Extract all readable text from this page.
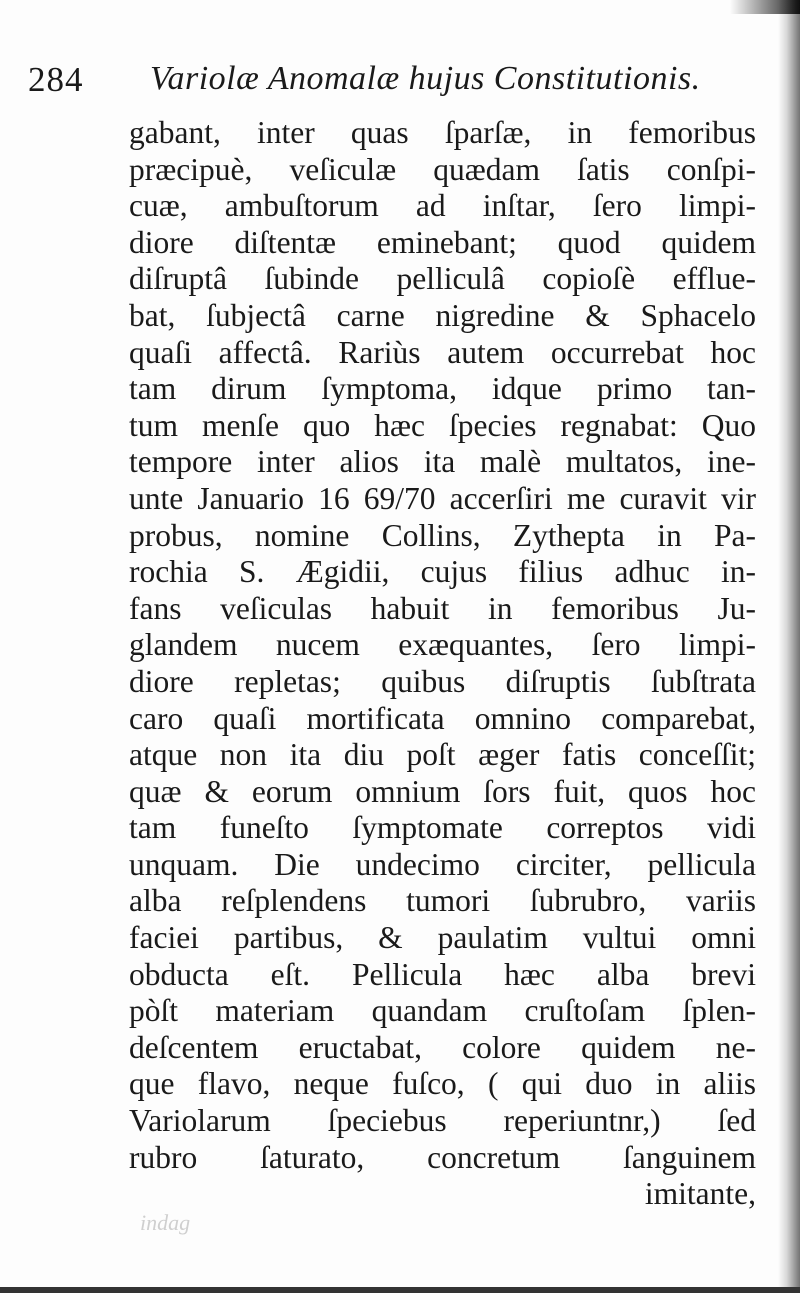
284 Variolæ Anomalæ hujus Constitutionis.
indag
gabant, inter quas ſparſæ, in femoribus
præcipuè, veſiculæ quædam ſatis conſpi-
cuæ, ambuſtorum ad inſtar, ſero limpi-
diore diſtentæ eminebant; quod quidem
diſruptâ ſubinde pelliculâ copioſè efflue-
bat, ſubjectâ carne nigredine & Sphacelo
quaſi affectâ. Rariùs autem occurrebat hoc
tam dirum ſymptoma, idque primo tan-
tum menſe quo hæc ſpecies regnabat: Quo
tempore inter alios ita malè multatos, ine-
unte Januario 16 69/70 accerſiri me curavit vir
probus, nomine Collins, Zythepta in Pa-
rochia S. Ægidii, cujus filius adhuc in-
fans veſiculas habuit in femoribus Ju-
glandem nucem exæquantes, ſero limpi-
diore repletas; quibus diſruptis ſubſtrata
caro quaſi mortificata omnino comparebat,
atque non ita diu poſt æger fatis conceſſit;
quæ & eorum omnium ſors fuit, quos hoc
tam funeſto ſymptomate correptos vidi
unquam. Die undecimo circiter, pellicula
alba reſplendens tumori ſubrubro, variis
faciei partibus, & paulatim vultui omni
obducta eſt. Pellicula hæc alba brevi
pòſt materiam quandam cruſtoſam ſplen-
deſcentem eructabat, colore quidem ne-
que flavo, neque fuſco, ( qui duo in aliis
Variolarum ſpeciebus reperiuntnr,) ſed
rubro ſaturato, concretum ſanguinem
imitante,
